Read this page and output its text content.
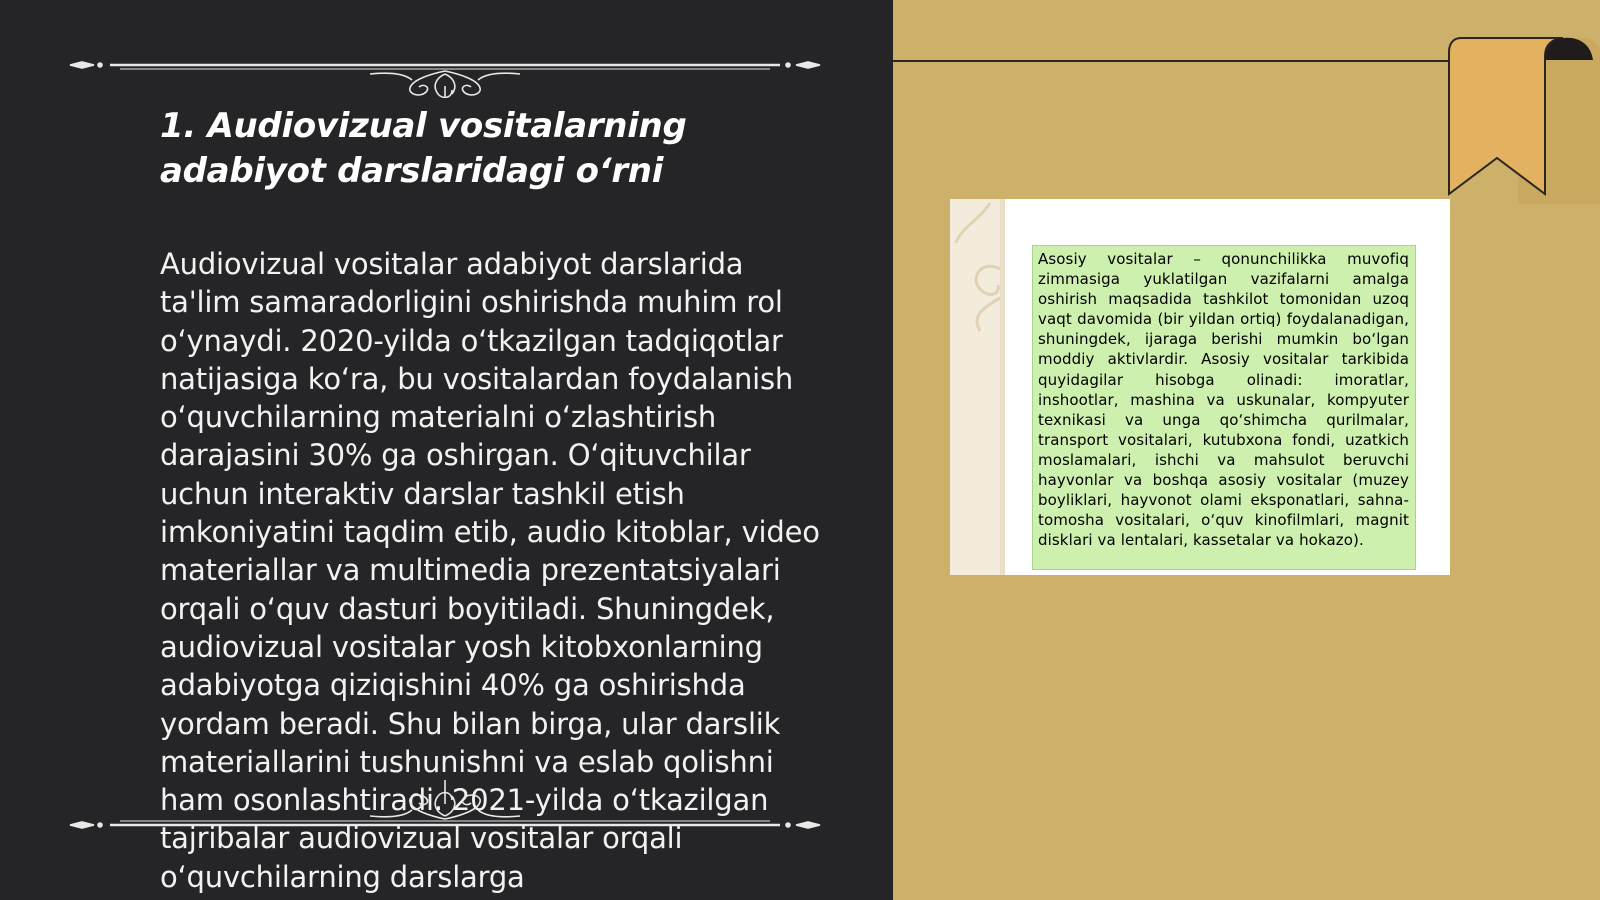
1. Audiovizual vositalarning adabiyot darslaridagi o‘rni

Audiovizual vositalar adabiyot darslarida ta'lim samaradorligini oshirishda muhim rol o‘ynaydi. 2020-yilda o‘tkazilgan tadqiqotlar natijasiga ko‘ra, bu vositalardan foydalanish o‘quvchilarning materialni o‘zlashtirish darajasini 30% ga oshirgan. O‘qituvchilar uchun interaktiv darslar tashkil etish imkoniyatini taqdim etib, audio kitoblar, video materiallar va multimedia prezentatsiyalari orqali o‘quv dasturi boyitiladi. Shuningdek, audiovizual vositalar yosh kitobxonlarning adabiyotga qiziqishini 40% ga oshirishda yordam beradi. Shu bilan birga, ular darslik materiallarini tushunishni va eslab qolishni ham osonlashtiradi. 2021-yilda o‘tkazilgan tajribalar audiovizual vositalar orqali o‘quvchilarning darslarga

Asosiy vositalar – qonunchilikka muvofiq zimmasiga yuklatilgan vazifalarni amalga oshirish maqsadida tashkilot tomonidan uzoq vaqt davomida (bir yildan ortiq) foydalanadigan, shuningdek, ijaraga berishi mumkin bo‘lgan moddiy aktivlardir. Asosiy vositalar tarkibida quyidagilar hisobga olinadi: imoratlar, inshootlar, mashina va uskunalar, kompyuter texnikasi va unga qo‘shimcha qurilmalar, transport vositalari, kutubxona fondi, uzatkich moslamalari, ishchi va mahsulot beruvchi hayvonlar va boshqa asosiy vositalar (muzey boyliklari, hayvonot olami eksponatlari, sahna-tomosha vositalari, o‘quv kinofilmlari, magnit disklari va lentalari, kassetalar va hokazo).
